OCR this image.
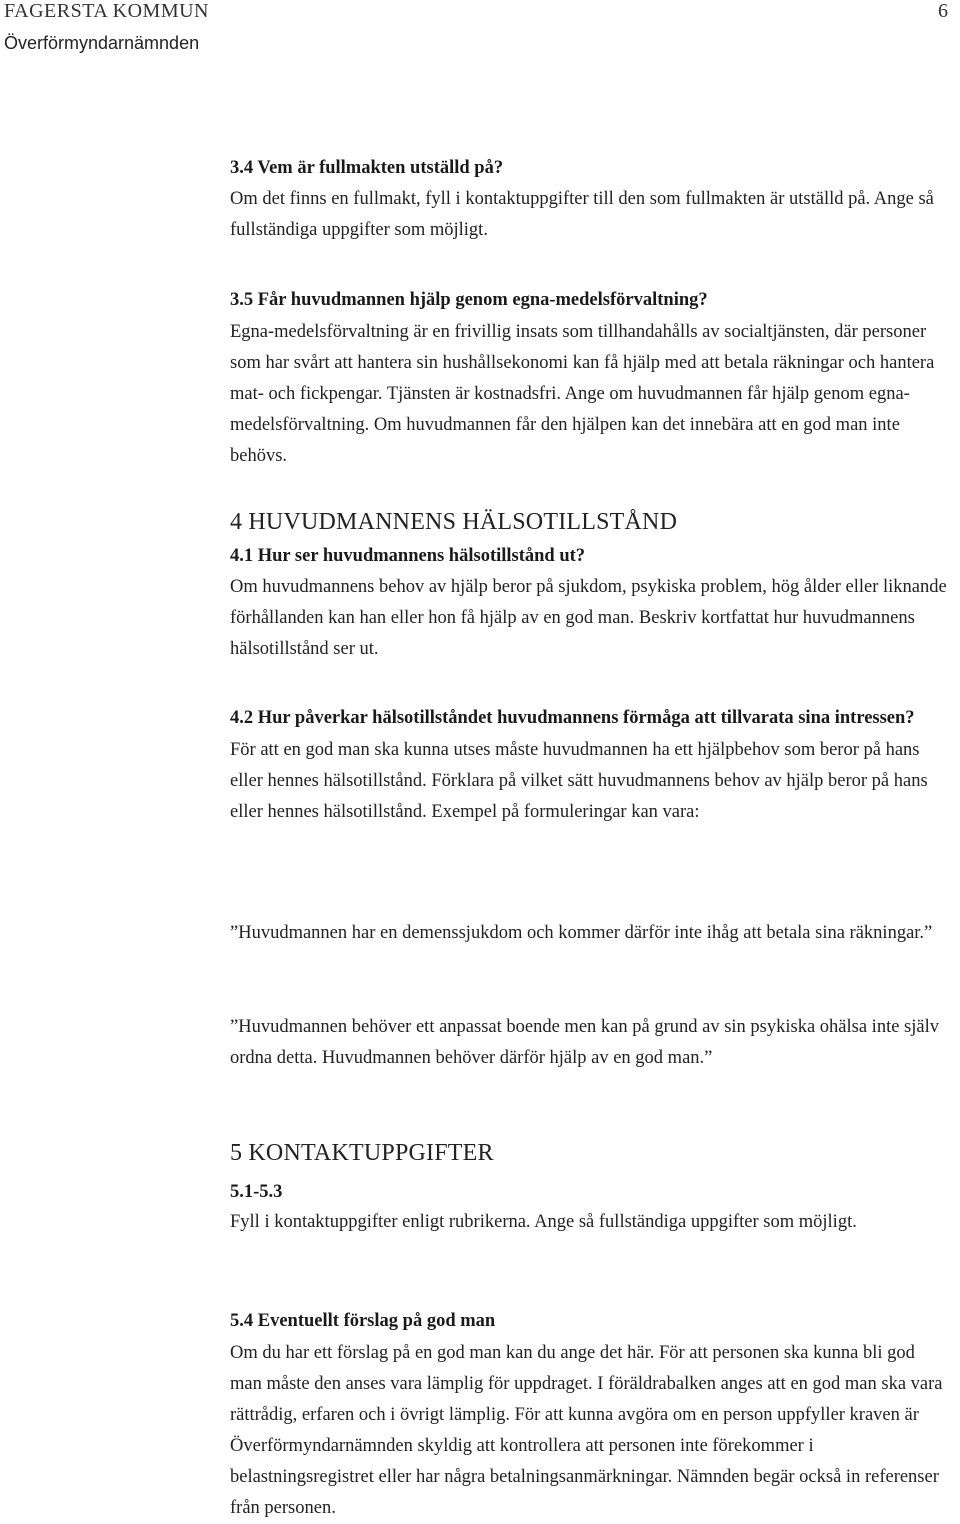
FAGERSTA KOMMUN
Överförmyndarnämnden
6

3.4 Vem är fullmakten utställd på?

Om det finns en fullmakt, fyll i kontaktuppgifter till den som fullmakten är utställd på. Ange så fullständiga uppgifter som möjligt.

3.5 Får huvudmannen hjälp genom egna-medelsförvaltning?

Egna-medelsförvaltning är en frivillig insats som tillhandahålls av socialtjänsten, där personer som har svårt att hantera sin hushållsekonomi kan få hjälp med att betala räkningar och hantera mat- och fickpengar. Tjänsten är kostnadsfri. Ange om huvudmannen får hjälp genom egna-medelsförvaltning. Om huvudmannen får den hjälpen kan det innebära att en god man inte behövs.

4 HUVUDMANNENS HÄLSOTILLSTÅND

4.1 Hur ser huvudmannens hälsotillstånd ut?

Om huvudmannens behov av hjälp beror på sjukdom, psykiska problem, hög ålder eller liknande förhållanden kan han eller hon få hjälp av en god man. Beskriv kortfattat hur huvudmannens hälsotillstånd ser ut.

4.2 Hur påverkar hälsotillståndet huvudmannens förmåga att tillvarata sina intressen?

För att en god man ska kunna utses måste huvudmannen ha ett hjälpbehov som beror på hans eller hennes hälsotillstånd. Förklara på vilket sätt huvudmannens behov av hjälp beror på hans eller hennes hälsotillstånd. Exempel på formuleringar kan vara:

”Huvudmannen har en demenssjukdom och kommer därför inte ihåg att betala sina räkningar.”

”Huvudmannen behöver ett anpassat boende men kan på grund av sin psykiska ohälsa inte själv ordna detta. Huvudmannen behöver därför hjälp av en god man.”

5 KONTAKTUPPGIFTER

5.1-5.3

Fyll i kontaktuppgifter enligt rubrikerna. Ange så fullständiga uppgifter som möjligt.

5.4 Eventuellt förslag på god man

Om du har ett förslag på en god man kan du ange det här. För att personen ska kunna bli god man måste den anses vara lämplig för uppdraget. I föräldrabalken anges att en god man ska vara rättrådig, erfaren och i övrigt lämplig. För att kunna avgöra om en person uppfyller kraven är Överförmyndarnämnden skyldig att kontrollera att personen inte förekommer i belastningsregistret eller har några betalningsanmärkningar. Nämnden begär också in referenser från personen.
